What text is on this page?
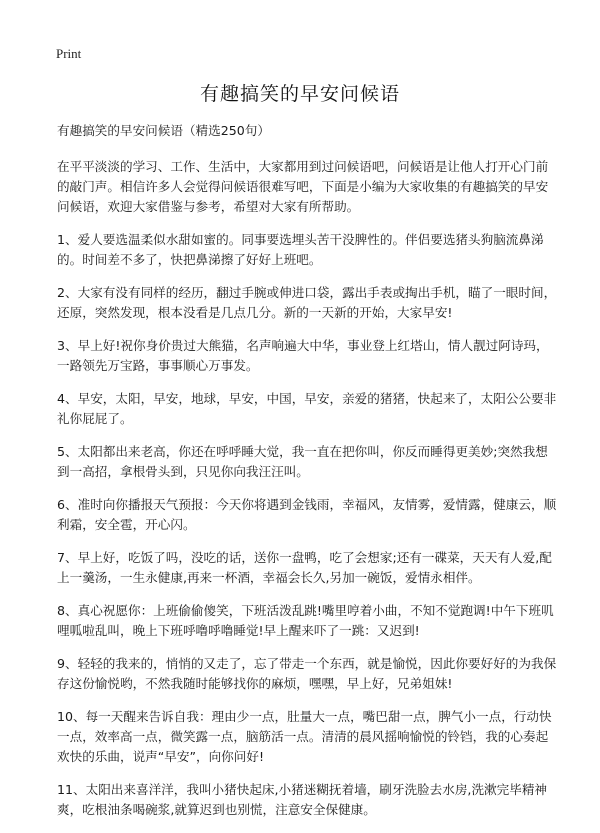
Print
有趣搞笑的早安问候语

有趣搞笑的早安问候语（精选250句）

在平平淡淡的学习、工作、生活中，大家都用到过问候语吧，问候语是让他人打开心门前的敲门声。相信许多人会觉得问候语很难写吧，下面是小编为大家收集的有趣搞笑的早安问候语，欢迎大家借鉴与参考，希望对大家有所帮助。

1、爱人要选温柔似水甜如蜜的。同事要选埋头苦干没脾性的。伴侣要选猪头狗脑流鼻涕的。时间差不多了，快把鼻涕擦了好好上班吧。

2、大家有没有同样的经历，翻过手腕或伸进口袋，露出手表或掏出手机，瞄了一眼时间，还原，突然发现，根本没看是几点几分。新的一天新的开始，大家早安!

3、早上好!祝你身价贵过大熊猫，名声响遍大中华，事业登上红塔山，情人靓过阿诗玛，一路领先万宝路，事事顺心万事发。

4、早安，太阳，早安，地球，早安，中国，早安，亲爱的猪猪，快起来了，太阳公公要非礼你屁屁了。

5、太阳都出来老高，你还在呼呼睡大觉，我一直在把你叫，你反而睡得更美妙;突然我想到一高招，拿根骨头到，只见你向我汪汪叫。

6、准时向你播报天气预报：今天你将遇到金钱雨，幸福风，友情雾，爱情露，健康云，顺利霜，安全雹，开心闪。

7、早上好，吃饭了吗，没吃的话，送你一盘鸭，吃了会想家;还有一碟菜，天天有人爱,配上一羹汤，一生永健康,再来一杯酒，幸福会长久,另加一碗饭，爱情永相伴。

8、真心祝愿你：上班偷偷傻笑，下班活泼乱跳!嘴里哼着小曲，不知不觉跑调!中午下班叽哩呱啦乱叫，晚上下班呼噜呼噜睡觉!早上醒来吓了一跳：又迟到!

9、轻轻的我来的，悄悄的又走了，忘了带走一个东西，就是愉悦，因此你要好好的为我保存这份愉悦哟，不然我随时能够找你的麻烦，嘿嘿，早上好，兄弟姐妹!

10、每一天醒来告诉自我：理由少一点，肚量大一点，嘴巴甜一点，脾气小一点，行动快一点，效率高一点，微笑露一点，脑筋活一点。清清的晨风摇响愉悦的铃铛，我的心奏起欢快的乐曲，说声“早安”，向你问好!

11、太阳出来喜洋洋，我叫小猪快起床,小猪迷糊抚着墙，刷牙洗脸去水房,洗漱完毕精神爽，吃根油条喝碗浆,就算迟到也别慌，注意安全保健康。
